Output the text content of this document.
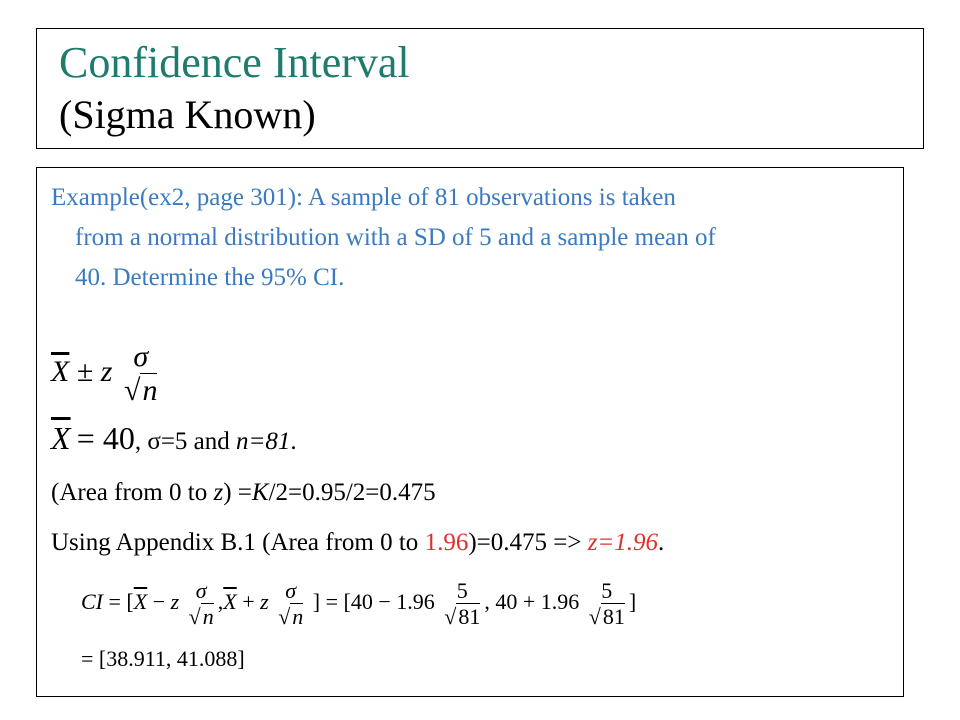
Confidence Interval
(Sigma Known)
Example(ex2, page 301): A sample of 81 observations is taken
from a normal distribution with a SD of 5 and a sample mean of
40. Determine the 95% CI.
$\overline{X} \pm z$ σ
√n
$\overline{X} = 40$, σ=5 and n=81.
(Area from 0 to z) =K/2=0.95/2=0.475
Using Appendix B.1 (Area from 0 to 1.96)=0.475 => z=1.96.
CI = [$\overline{X} - z$ σ
√n
$,\overline{X} + z$ σ
√n
] = [40 − 1.96	5
√81
, 40 + 1.96	5
√81
]
= [38.911, 41.088]
